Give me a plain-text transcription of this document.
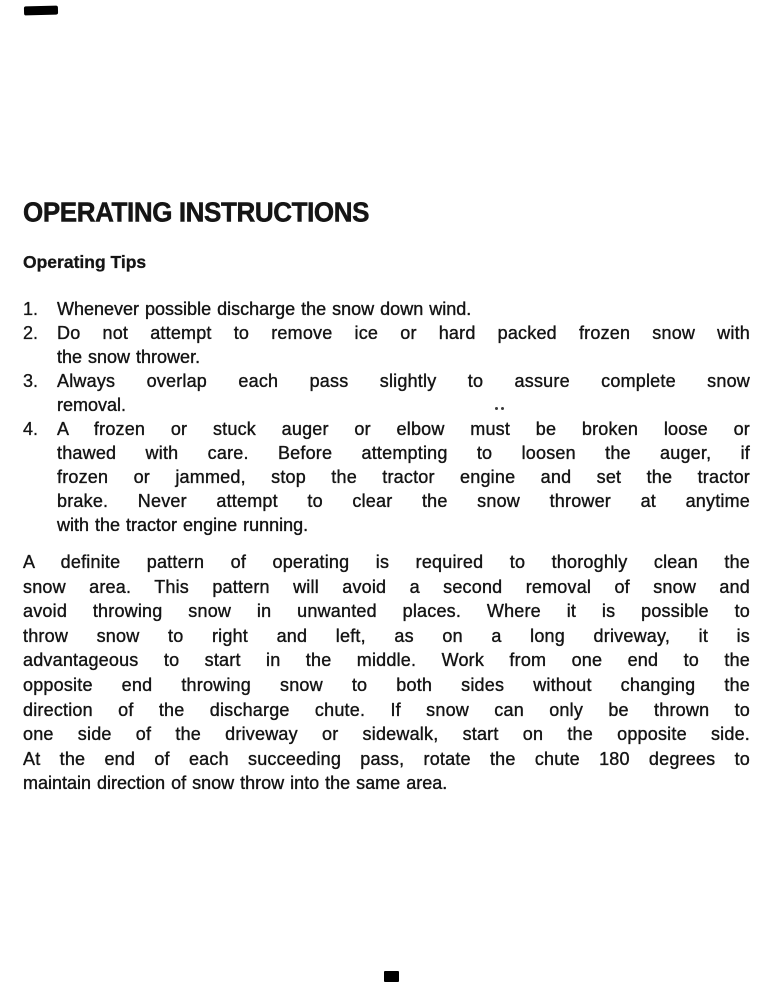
OPERATING INSTRUCTIONS
Operating Tips
1.	Whenever possible discharge the snow down wind.
2.	Do not attempt to remove ice or hard packed frozen snow with
the snow thrower.
3.	Always overlap each pass slightly to assure complete snow
removal.
4.	A frozen or stuck auger or elbow must be broken loose or
thawed with care. Before attempting to loosen the auger, if
frozen or jammed, stop the tractor engine and set the tractor
brake. Never attempt to clear the snow thrower at anytime
with the tractor engine running.
A definite pattern of operating is required to thoroghly clean the
snow area. This pattern will avoid a second removal of snow and
avoid throwing snow in unwanted places. Where it is possible to
throw snow to right and left, as on a long driveway, it is
advantageous to start in the middle. Work from one end to the
opposite end throwing snow to both sides without changing the
direction of the discharge chute. If snow can only be thrown to
one side of the driveway or sidewalk, start on the opposite side.
At the end of each succeeding pass, rotate the chute 180 degrees to
maintain direction of snow throw into the same area.
